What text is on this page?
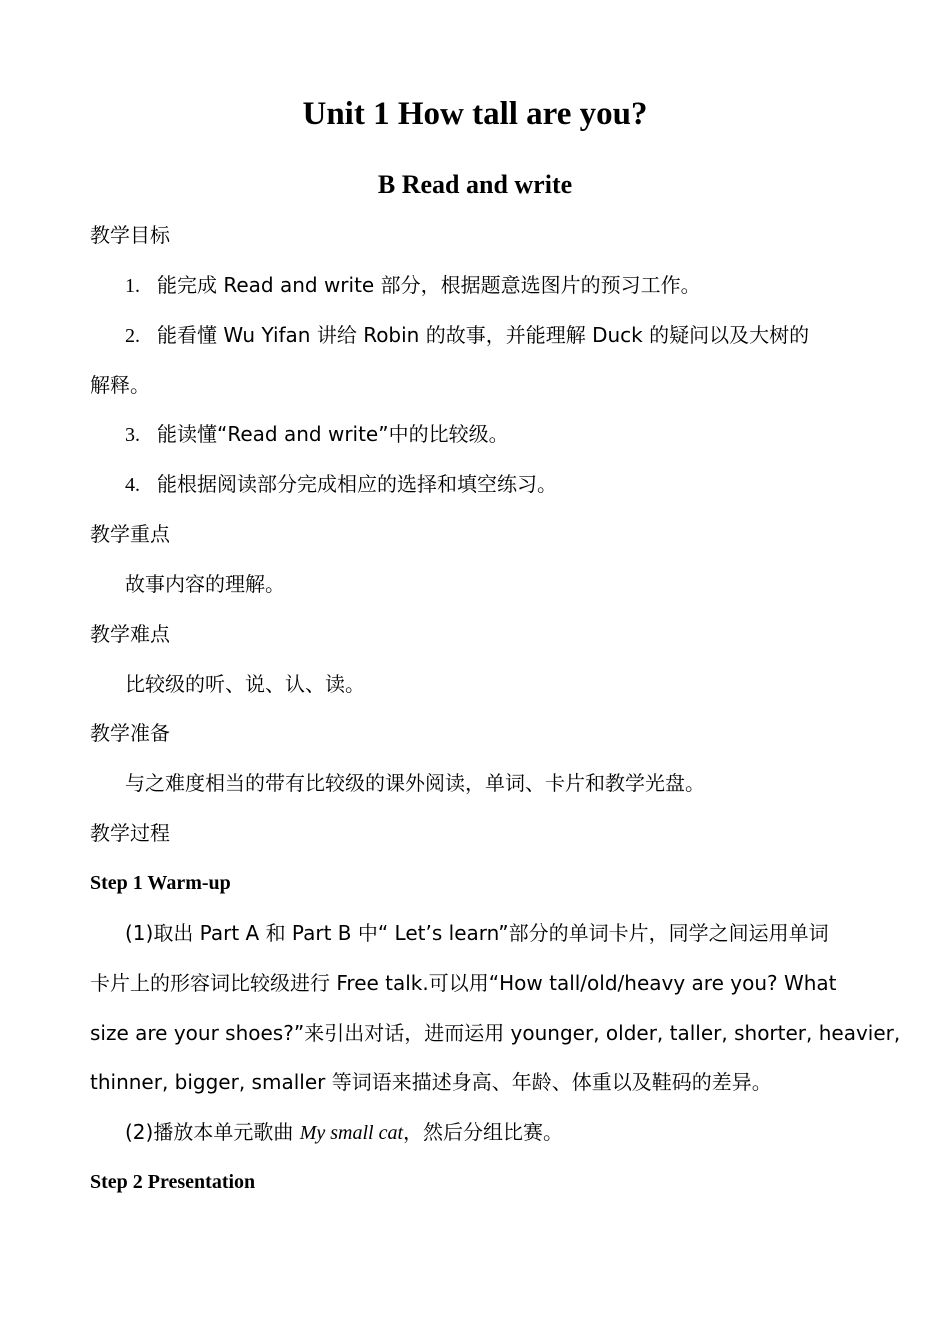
Unit 1 How tall are you?
B Read and write
教学目标
1. 能完成 Read and write 部分，根据题意选图片的预习工作。
2. 能看懂 Wu Yifan 讲给 Robin 的故事，并能理解 Duck 的疑问以及大树的
解释。
3. 能读懂“Read and write”中的比较级。
4. 能根据阅读部分完成相应的选择和填空练习。
教学重点
故事内容的理解。
教学难点
比较级的听、说、认、读。
教学准备
与之难度相当的带有比较级的课外阅读，单词、卡片和教学光盘。
教学过程
Step 1 Warm-up
(1)取出 Part A 和 Part B 中“ Let’s learn”部分的单词卡片，同学之间运用单词
卡片上的形容词比较级进行 Free talk.可以用“How tall/old/heavy are you? What
size are your shoes?”来引出对话，进而运用 younger, older, taller, shorter, heavier,
thinner, bigger, smaller 等词语来描述身高、年龄、体重以及鞋码的差异。
(2)播放本单元歌曲 My small cat，然后分组比赛。
Step 2 Presentation
